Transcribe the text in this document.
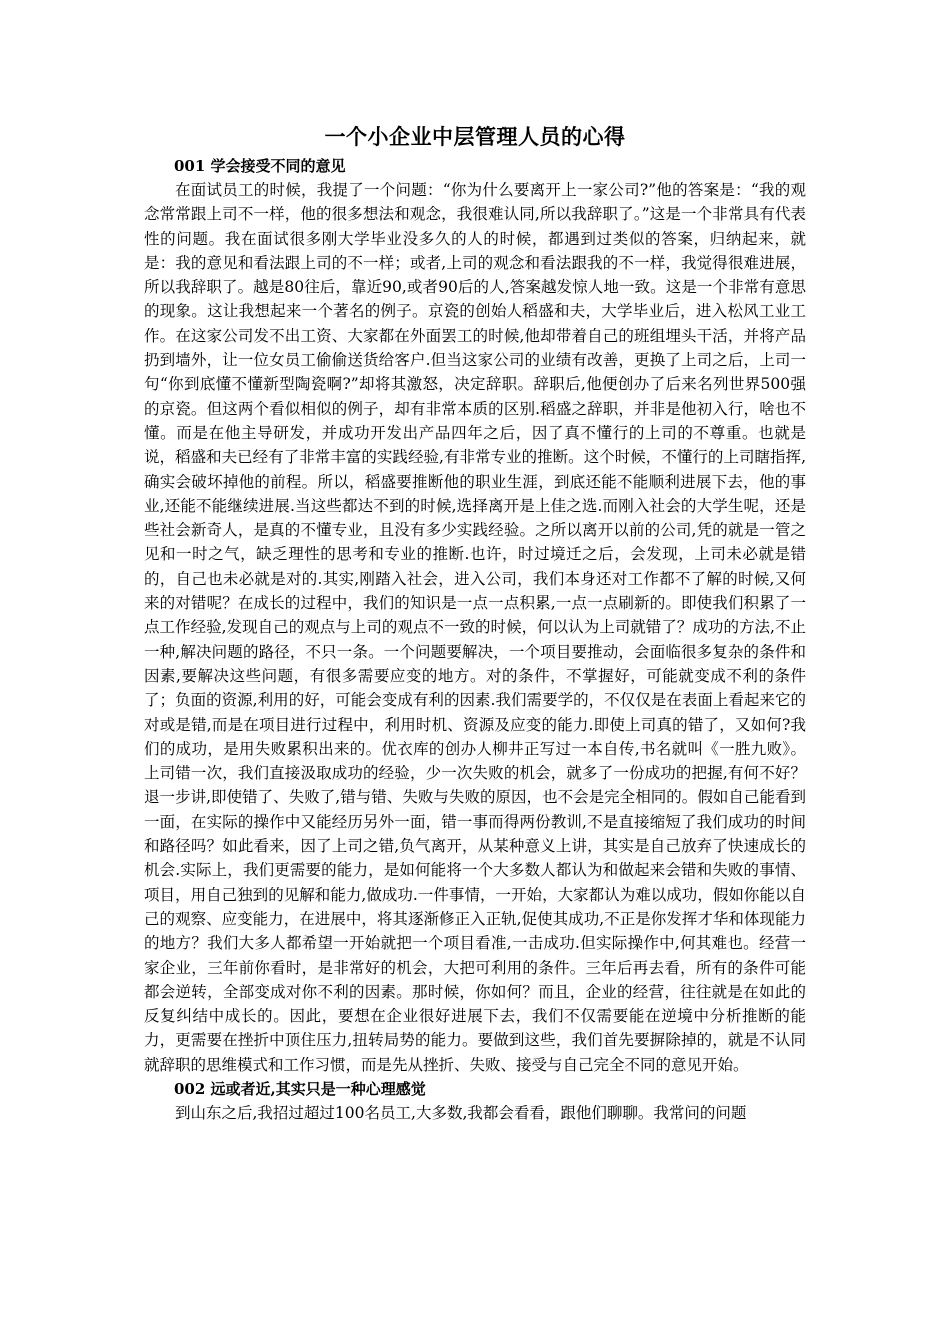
一个小企业中层管理人员的心得
001 学会接受不同的意见

在面试员工的时候，我提了一个问题：“你为什么要离开上一家公司?”他的答案是：“我的观念常常跟上司不一样，他的很多想法和观念，我很难认同,所以我辞职了。”这是一个非常具有代表性的问题。我在面试很多刚大学毕业没多久的人的时候，都遇到过类似的答案，归纳起来，就是：我的意见和看法跟上司的不一样；或者,上司的观念和看法跟我的不一样，我觉得很难进展，所以我辞职了。越是80往后，靠近90,或者90后的人,答案越发惊人地一致。这是一个非常有意思的现象。这让我想起来一个著名的例子。京瓷的创始人稻盛和夫，大学毕业后，进入松风工业工作。在这家公司发不出工资、大家都在外面罢工的时候,他却带着自己的班组埋头干活，并将产品扔到墙外，让一位女员工偷偷送货给客户.但当这家公司的业绩有改善，更换了上司之后，上司一句“你到底懂不懂新型陶瓷啊?”却将其激怒，决定辞职。辞职后,他便创办了后来名列世界500强的京瓷。但这两个看似相似的例子，却有非常本质的区别.稻盛之辞职，并非是他初入行，啥也不懂。而是在他主导研发，并成功开发出产品四年之后，因了真不懂行的上司的不尊重。也就是说，稻盛和夫已经有了非常丰富的实践经验,有非常专业的推断。这个时候，不懂行的上司瞎指挥,确实会破坏掉他的前程。所以，稻盛要推断他的职业生涯，到底还能不能顺利进展下去，他的事业,还能不能继续进展.当这些都达不到的时候,选择离开是上佳之选.而刚入社会的大学生呢，还是些社会新奇人，是真的不懂专业，且没有多少实践经验。之所以离开以前的公司,凭的就是一管之见和一时之气，缺乏理性的思考和专业的推断.也许，时过境迁之后，会发现，上司未必就是错的，自己也未必就是对的.其实,刚踏入社会，进入公司，我们本身还对工作都不了解的时候,又何来的对错呢？在成长的过程中，我们的知识是一点一点积累,一点一点刷新的。即使我们积累了一点工作经验,发现自己的观点与上司的观点不一致的时候，何以认为上司就错了？成功的方法,不止一种,解决问题的路径，不只一条。一个问题要解决，一个项目要推动，会面临很多复杂的条件和因素,要解决这些问题，有很多需要应变的地方。对的条件，不掌握好，可能就变成不利的条件了；负面的资源,利用的好，可能会变成有利的因素.我们需要学的，不仅仅是在表面上看起来它的对或是错,而是在项目进行过程中，利用时机、资源及应变的能力.即使上司真的错了，又如何?我们的成功，是用失败累积出来的。优衣库的创办人柳井正写过一本自传,书名就叫《一胜九败》。上司错一次，我们直接汲取成功的经验，少一次失败的机会，就多了一份成功的把握,有何不好？退一步讲,即使错了、失败了,错与错、失败与失败的原因，也不会是完全相同的。假如自己能看到一面，在实际的操作中又能经历另外一面，错一事而得两份教训,不是直接缩短了我们成功的时间和路径吗？如此看来，因了上司之错,负气离开，从某种意义上讲，其实是自己放弃了快速成长的机会.实际上，我们更需要的能力，是如何能将一个大多数人都认为和做起来会错和失败的事情、项目，用自己独到的见解和能力,做成功.一件事情，一开始，大家都认为难以成功，假如你能以自己的观察、应变能力，在进展中，将其逐渐修正入正轨,促使其成功,不正是你发挥才华和体现能力的地方？我们大多人都希望一开始就把一个项目看准,一击成功.但实际操作中,何其难也。经营一家企业，三年前你看时，是非常好的机会，大把可利用的条件。三年后再去看，所有的条件可能都会逆转，全部变成对你不利的因素。那时候，你如何？而且，企业的经营，往往就是在如此的反复纠结中成长的。因此，要想在企业很好进展下去，我们不仅需要能在逆境中分析推断的能力，更需要在挫折中顶住压力,扭转局势的能力。要做到这些，我们首先要摒除掉的，就是不认同就辞职的思维模式和工作习惯，而是先从挫折、失败、接受与自己完全不同的意见开始。

002 远或者近,其实只是一种心理感觉

到山东之后,我招过超过100名员工,大多数,我都会看看，跟他们聊聊。我常问的问题
